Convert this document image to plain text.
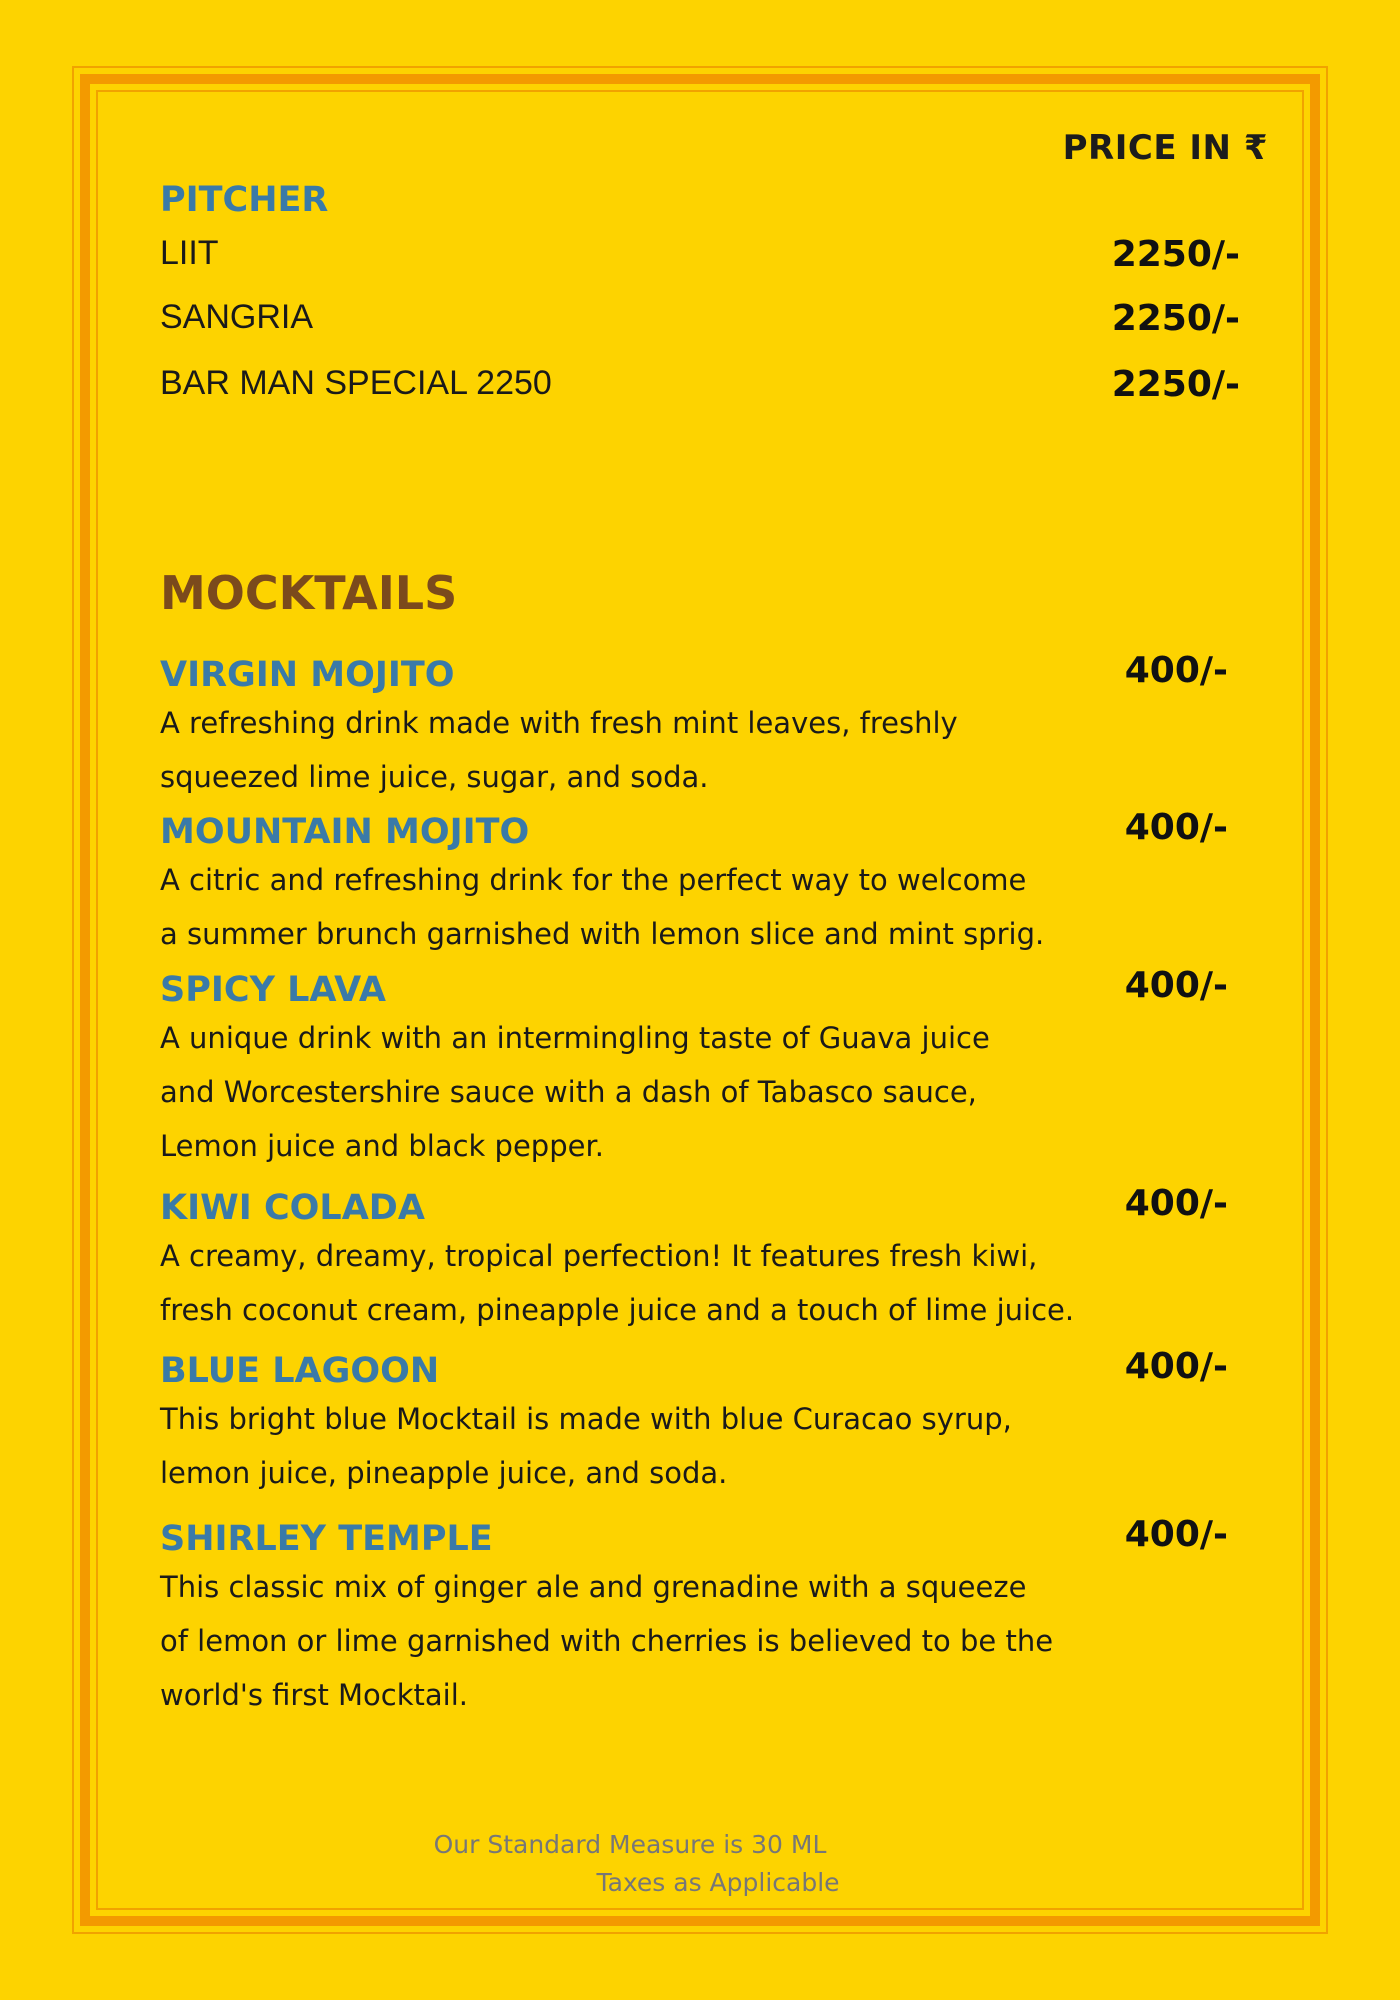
PRICE IN ₹
PITCHER
LIIT	2250/-
SANGRIA	2250/-
BAR MAN SPECIAL 2250	2250/-
MOCKTAILS
VIRGIN MOJITO	400/-
A refreshing drink made with fresh mint leaves, freshly
squeezed lime juice, sugar, and soda.
MOUNTAIN MOJITO	400/-
A citric and refreshing drink for the perfect way to welcome
a summer brunch garnished with lemon slice and mint sprig.
SPICY LAVA	400/-
A unique drink with an intermingling taste of Guava juice
and Worcestershire sauce with a dash of Tabasco sauce,
Lemon juice and black pepper.
KIWI COLADA	400/-
A creamy, dreamy, tropical perfection! It features fresh kiwi,
fresh coconut cream, pineapple juice and a touch of lime juice.
BLUE LAGOON	400/-
This bright blue Mocktail is made with blue Curacao syrup,
lemon juice, pineapple juice, and soda.
SHIRLEY TEMPLE	400/-
This classic mix of ginger ale and grenadine with a squeeze
of lemon or lime garnished with cherries is believed to be the
world's first Mocktail.
Our Standard Measure is 30 ML
Taxes as Applicable
